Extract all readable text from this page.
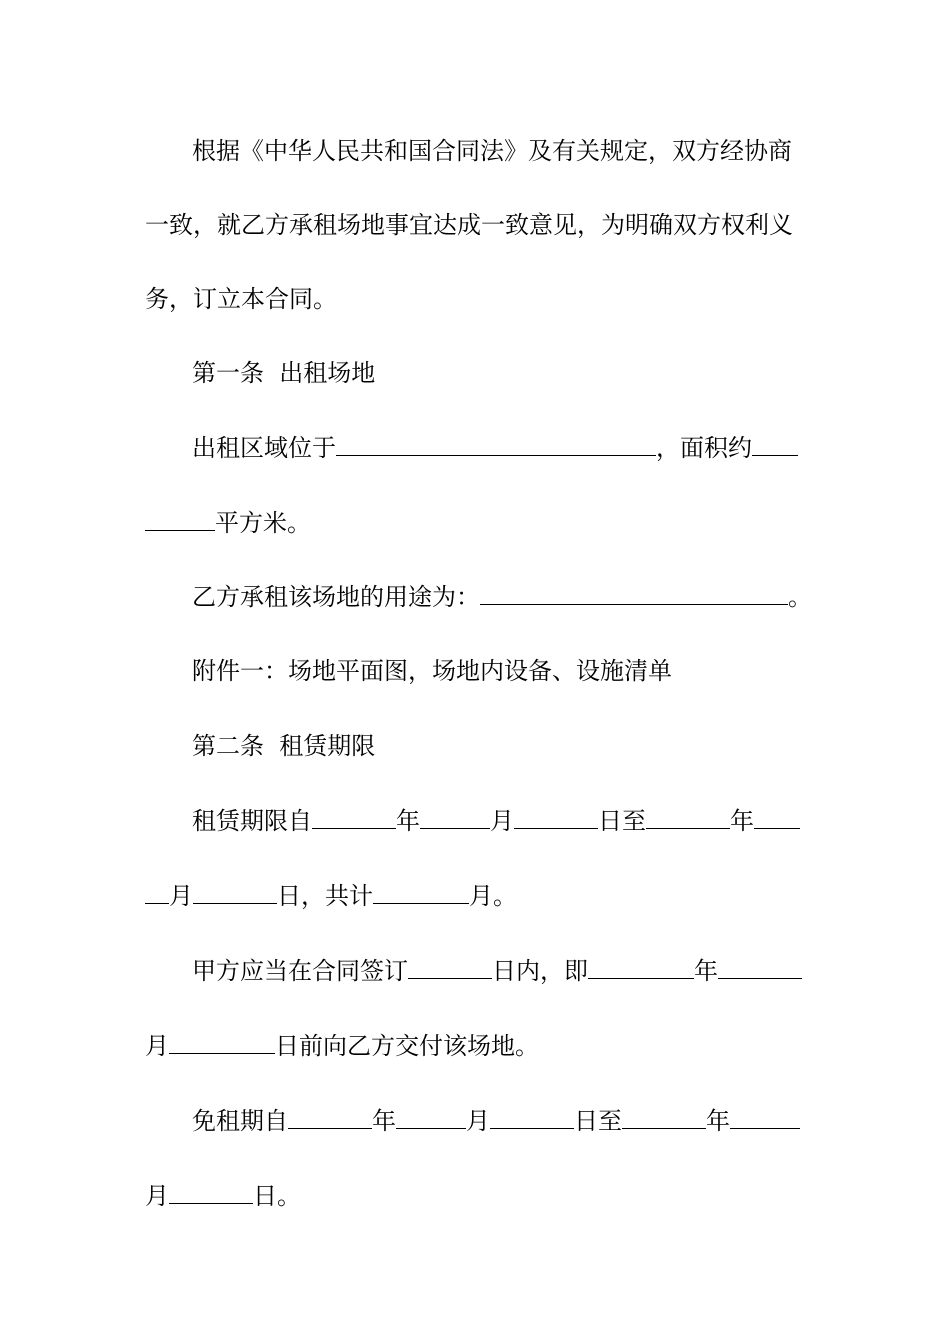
根据《中华人民共和国合同法》及有关规定，双方经协商
一致，就乙方承租场地事宜达成一致意见，为明确双方权利义
务，订立本合同。
第一条  出租场地
出租区域位于	，面积约
平方米。
乙方承租该场地的用途为：	。
附件一：场地平面图，场地内设备、设施清单
第二条  租赁期限
租赁期限自	年	月	日至	年
月	日，共计	月。
甲方应当在合同签订	日内，即	年
月	日前向乙方交付该场地。
免租期自	年	月	日至	年
月	日。
